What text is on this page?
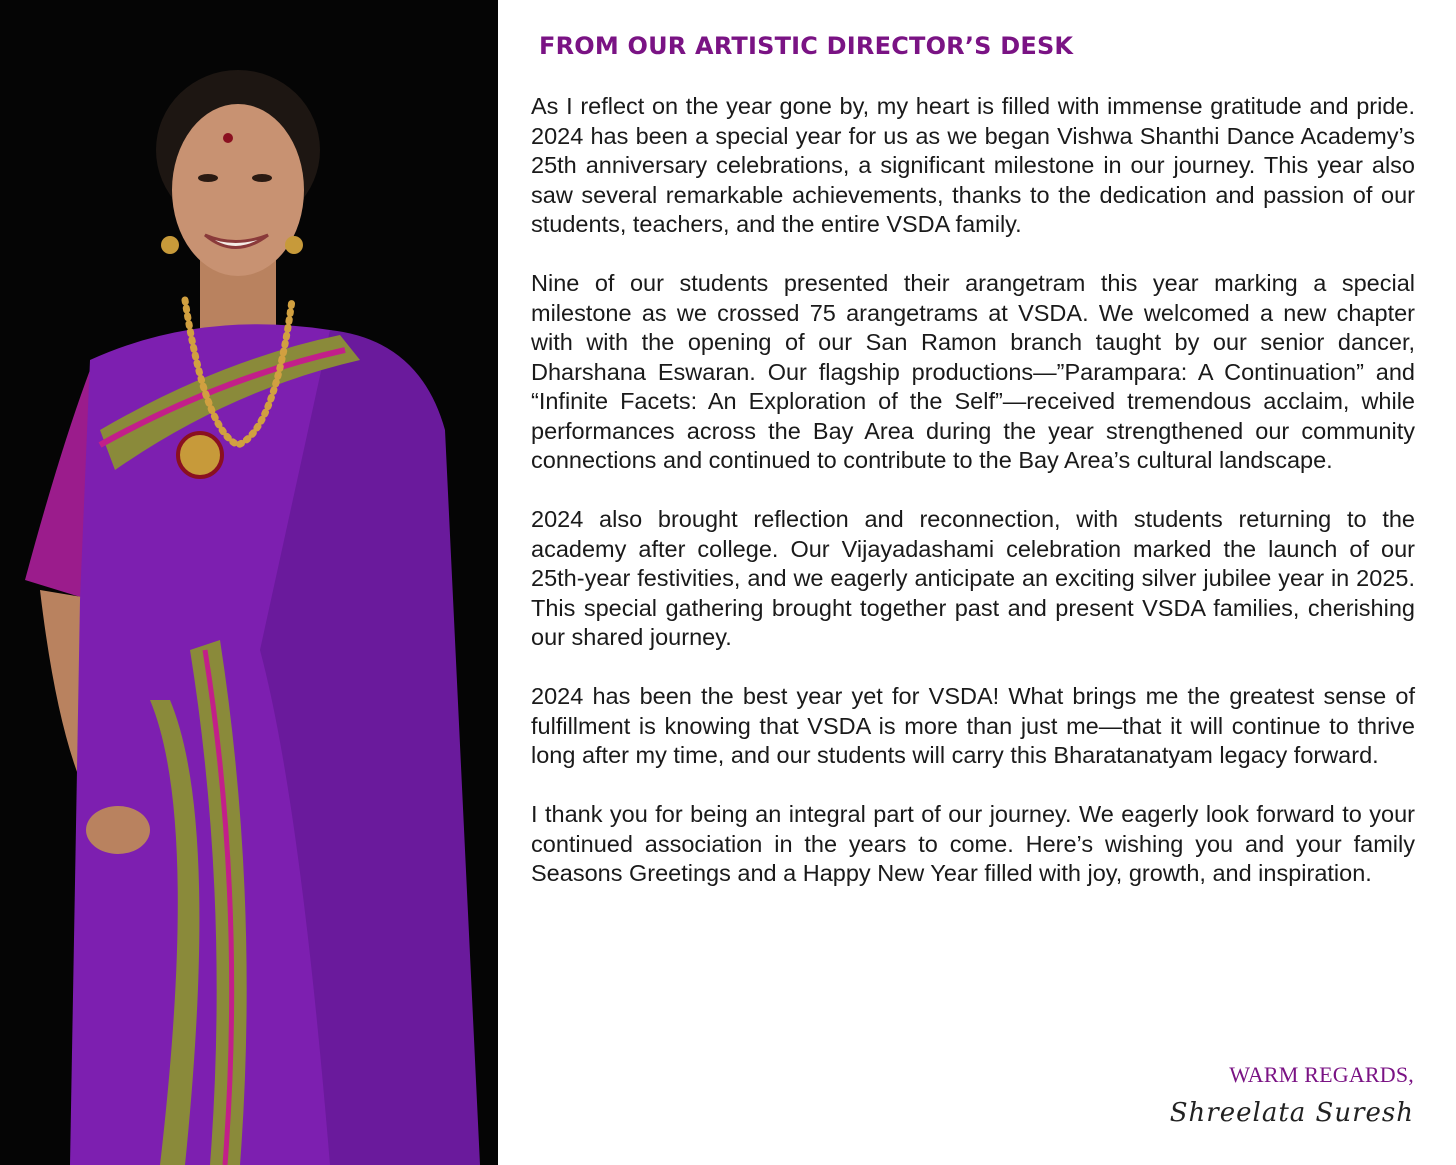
FROM OUR ARTISTIC DIRECTOR’S DESK

As I reflect on the year gone by, my heart is filled with immense gratitude and pride. 2024 has been a special year for us as we began Vishwa Shanthi Dance Academy’s 25th anniversary celebrations, a significant milestone in our journey. This year also saw several remarkable achievements, thanks to the dedication and passion of our students, teachers, and the entire VSDA family.

Nine of our students presented their arangetram this year marking a special milestone as we crossed 75 arangetrams at VSDA. We welcomed a new chapter with with the opening of our San Ramon branch taught by our senior dancer, Dharshana Eswaran. Our flagship productions—”Parampara: A Continuation” and “Infinite Facets: An Exploration of the Self”—received tremendous acclaim, while performances across the Bay Area during the year strengthened our community connections and continued to contribute to the Bay Area’s cultural landscape.

2024 also brought reflection and reconnection, with students returning to the academy after college. Our Vijayadashami celebration marked the launch of our 25th-year festivities, and we eagerly anticipate an exciting silver jubilee year in 2025. This special gathering brought together past and present VSDA families, cherishing our shared journey.

2024 has been the best year yet for VSDA! What brings me the greatest sense of fulfillment is knowing that VSDA is more than just me—that it will continue to thrive long after my time, and our students will carry this Bharatanatyam legacy forward.

I thank you for being an integral part of our journey. We eagerly look forward to your continued association in the years to come. Here’s wishing you and your family Seasons Greetings and a Happy New Year filled with joy, growth, and inspiration.

WARM REGARDS,
Shreelata Suresh
